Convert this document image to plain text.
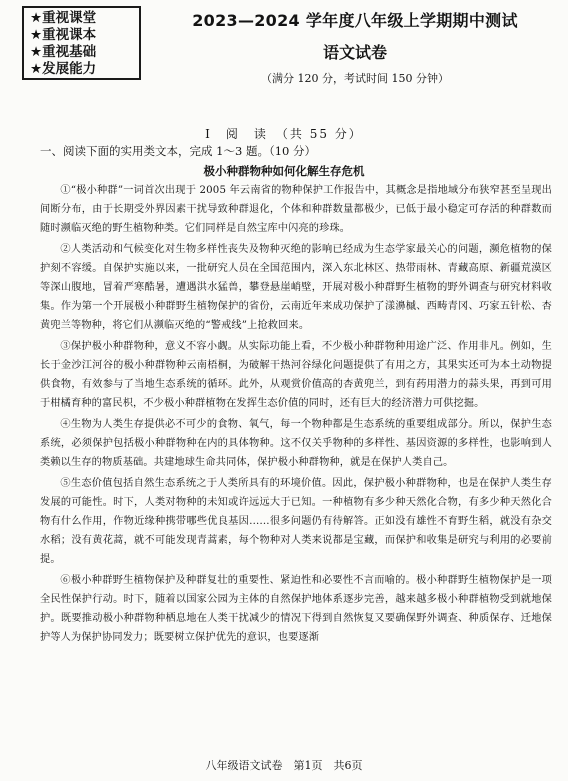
★重视课堂
★重视课本
★重视基础
★发展能力
2023—2024 学年度八年级上学期期中测试
语文试卷
（满分 120 分，考试时间 150 分钟）
I　阅　读　（共 55 分）
一、阅读下面的实用类文本，完成 1～3 题。（10 分）
极小种群物种如何化解生存危机

①“极小种群”一词首次出现于 2005 年云南省的物种保护工作报告中，其概念是指地域分布狭窄甚至呈现出间断分布，由于长期受外界因素干扰导致种群退化，个体和种群数量都极少，已低于最小稳定可存活的种群数而随时濒临灭绝的野生植物种类。它们同样是自然宝库中闪亮的珍珠。

②人类活动和气候变化对生物多样性丧失及物种灭绝的影响已经成为生态学家最关心的问题，濒危植物的保护刻不容缓。自保护实施以来，一批研究人员在全国范围内，深入东北林区、热带雨林、青藏高原、新疆荒漠区等深山腹地，冒着严寒酷暑，遭遇洪水猛兽，攀登悬崖峭壁，开展对极小种群野生植物的野外调查与研究材料收集。作为第一个开展极小种群野生植物保护的省份，云南近年来成功保护了漾濞槭、西畴青冈、巧家五针松、杏黄兜兰等物种，将它们从濒临灭绝的“警戒线”上抢救回来。

③保护极小种群物种，意义不容小觑。从实际功能上看，不少极小种群物种用途广泛、作用非凡。例如，生长于金沙江河谷的极小种群物种云南梧桐，为破解干热河谷绿化问题提供了有用之方，其果实还可为本土动物提供食物，有效参与了当地生态系统的循环。此外，从观赏价值高的杏黄兜兰，到有药用潜力的蒜头果，再到可用于柑橘育种的富民枳，不少极小种群植物在发挥生态价值的同时，还有巨大的经济潜力可供挖掘。

④生物为人类生存提供必不可少的食物、氧气，每一个物种都是生态系统的重要组成部分。所以，保护生态系统，必须保护包括极小种群物种在内的具体物种。这不仅关乎物种的多样性、基因资源的多样性，也影响到人类赖以生存的物质基础。共建地球生命共同体，保护极小种群物种，就是在保护人类自己。

⑤生态价值包括自然生态系统之于人类所具有的环境价值。因此，保护极小种群物种，也是在保护人类生存发展的可能性。时下，人类对物种的未知或许远远大于已知。一种植物有多少种天然化合物，有多少种天然化合物有什么作用，作物近缘种携带哪些优良基因……很多问题仍有待解答。正如没有雄性不育野生稻，就没有杂交水稻；没有黄花蒿，就不可能发现青蒿素，每个物种对人类来说都是宝藏，而保护和收集是研究与利用的必要前提。

⑥极小种群野生植物保护及种群复壮的重要性、紧迫性和必要性不言而喻的。极小种群野生植物保护是一项全民性保护行动。时下，随着以国家公园为主体的自然保护地体系逐步完善，越来越多极小种群植物受到就地保护。既要推动极小种群物种栖息地在人类干扰减少的情况下得到自然恢复又要确保野外调查、种质保存、迁地保护等人为保护协同发力；既要树立保护优先的意识，也要逐渐

八年级语文试卷　第1页　共6页
